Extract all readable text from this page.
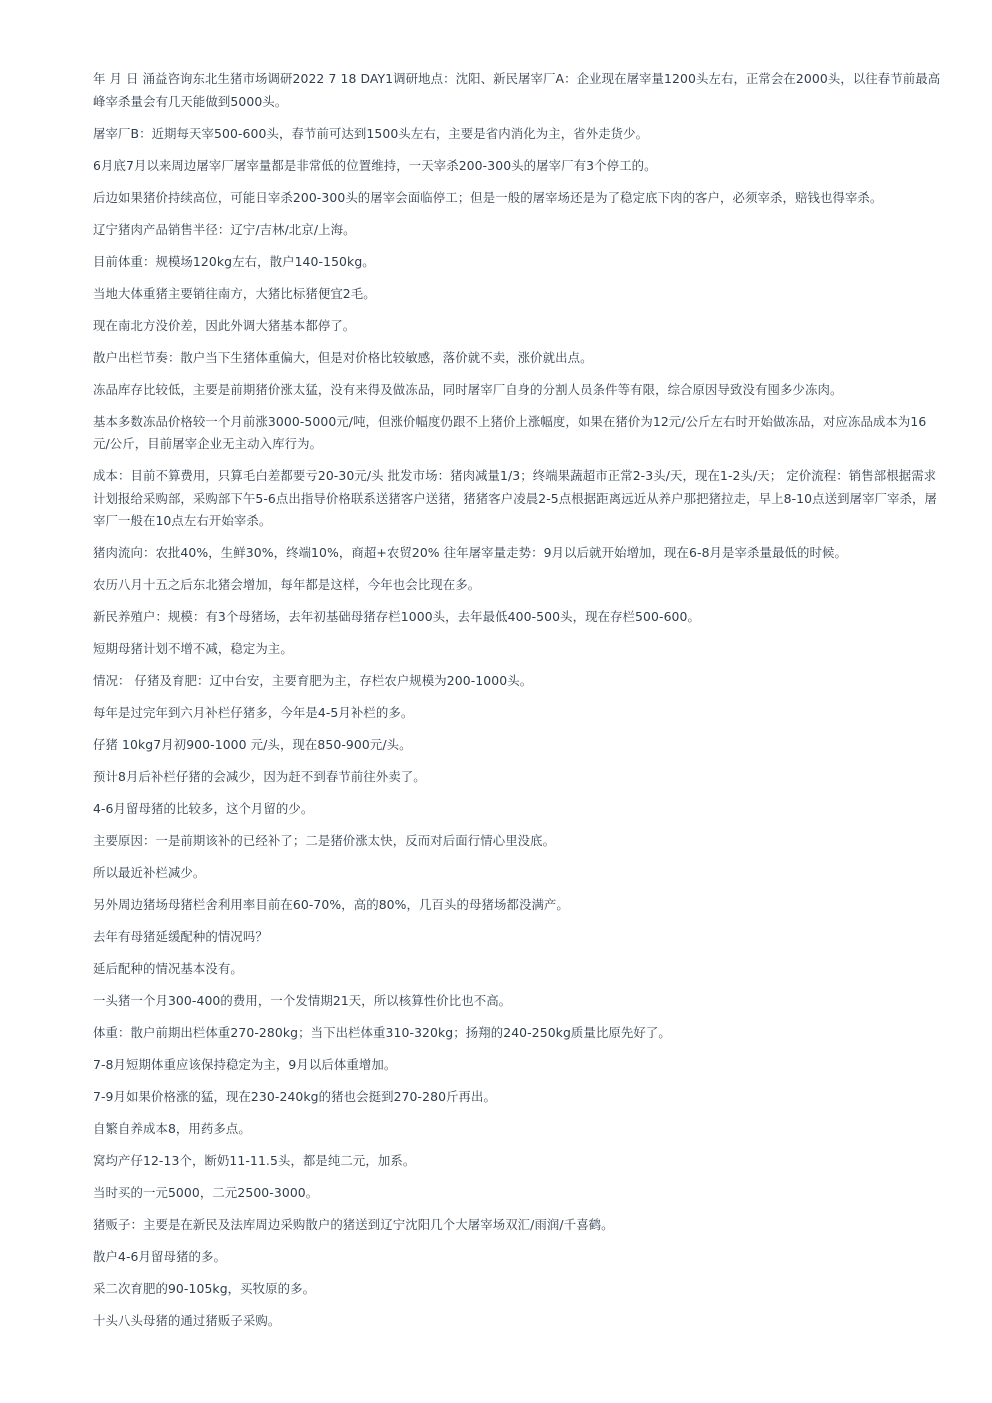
年 月 日 涌益咨询东北生猪市场调研2022 7 18 DAY1调研地点：沈阳、新民屠宰厂A：企业现在屠宰量1200头左右，正常会在2000头，以往春节前最高峰宰杀量会有几天能做到5000头。

屠宰厂B：近期每天宰500-600头，春节前可达到1500头左右，主要是省内消化为主，省外走货少。

6月底7月以来周边屠宰厂屠宰量都是非常低的位置维持，一天宰杀200-300头的屠宰厂有3个停工的。

后边如果猪价持续高位，可能日宰杀200-300头的屠宰会面临停工；但是一般的屠宰场还是为了稳定底下肉的客户，必须宰杀，赔钱也得宰杀。

辽宁猪肉产品销售半径：辽宁/吉林/北京/上海。

目前体重：规模场120kg左右，散户140-150kg。

当地大体重猪主要销往南方，大猪比标猪便宜2毛。

现在南北方没价差，因此外调大猪基本都停了。

散户出栏节奏：散户当下生猪体重偏大，但是对价格比较敏感，落价就不卖，涨价就出点。

冻品库存比较低，主要是前期猪价涨太猛，没有来得及做冻品，同时屠宰厂自身的分割人员条件等有限，综合原因导致没有囤多少冻肉。

基本多数冻品价格较一个月前涨3000-5000元/吨，但涨价幅度仍跟不上猪价上涨幅度，如果在猪价为12元/公斤左右时开始做冻品，对应冻品成本为16元/公斤，目前屠宰企业无主动入库行为。

成本：目前不算费用，只算毛白差都要亏20-30元/头 批发市场：猪肉减量1/3；终端果蔬超市正常2-3头/天，现在1-2头/天； 定价流程：销售部根据需求计划报给采购部，采购部下午5-6点出指导价格联系送猪客户送猪，猪猪客户凌晨2-5点根据距离远近从养户那把猪拉走，早上8-10点送到屠宰厂宰杀，屠宰厂一般在10点左右开始宰杀。

猪肉流向：农批40%，生鲜30%，终端10%，商超+农贸20% 往年屠宰量走势：9月以后就开始增加，现在6-8月是宰杀量最低的时候。

农历八月十五之后东北猪会增加，每年都是这样，今年也会比现在多。

新民养殖户：规模：有3个母猪场，去年初基础母猪存栏1000头，去年最低400-500头，现在存栏500-600。

短期母猪计划不增不减，稳定为主。

情况： 仔猪及育肥：辽中台安，主要育肥为主，存栏农户规模为200-1000头。

每年是过完年到六月补栏仔猪多，今年是4-5月补栏的多。

仔猪 10kg7月初900-1000 元/头，现在850-900元/头。

预计8月后补栏仔猪的会减少，因为赶不到春节前往外卖了。

4-6月留母猪的比较多，这个月留的少。

主要原因：一是前期该补的已经补了；二是猪价涨太快，反而对后面行情心里没底。

所以最近补栏减少。

另外周边猪场母猪栏舍利用率目前在60-70%，高的80%，几百头的母猪场都没满产。

去年有母猪延缓配种的情况吗？

延后配种的情况基本没有。

一头猪一个月300-400的费用，一个发情期21天，所以核算性价比也不高。

体重：散户前期出栏体重270-280kg；当下出栏体重310-320kg；扬翔的240-250kg质量比原先好了。

7-8月短期体重应该保持稳定为主，9月以后体重增加。

7-9月如果价格涨的猛，现在230-240kg的猪也会挺到270-280斤再出。

自繁自养成本8，用药多点。

窝均产仔12-13个，断奶11-11.5头，都是纯二元，加系。

当时买的一元5000，二元2500-3000。

猪贩子：主要是在新民及法库周边采购散户的猪送到辽宁沈阳几个大屠宰场双汇/雨润/千喜鹤。

散户4-6月留母猪的多。

采二次育肥的90-105kg，买牧原的多。

十头八头母猪的通过猪贩子采购。
